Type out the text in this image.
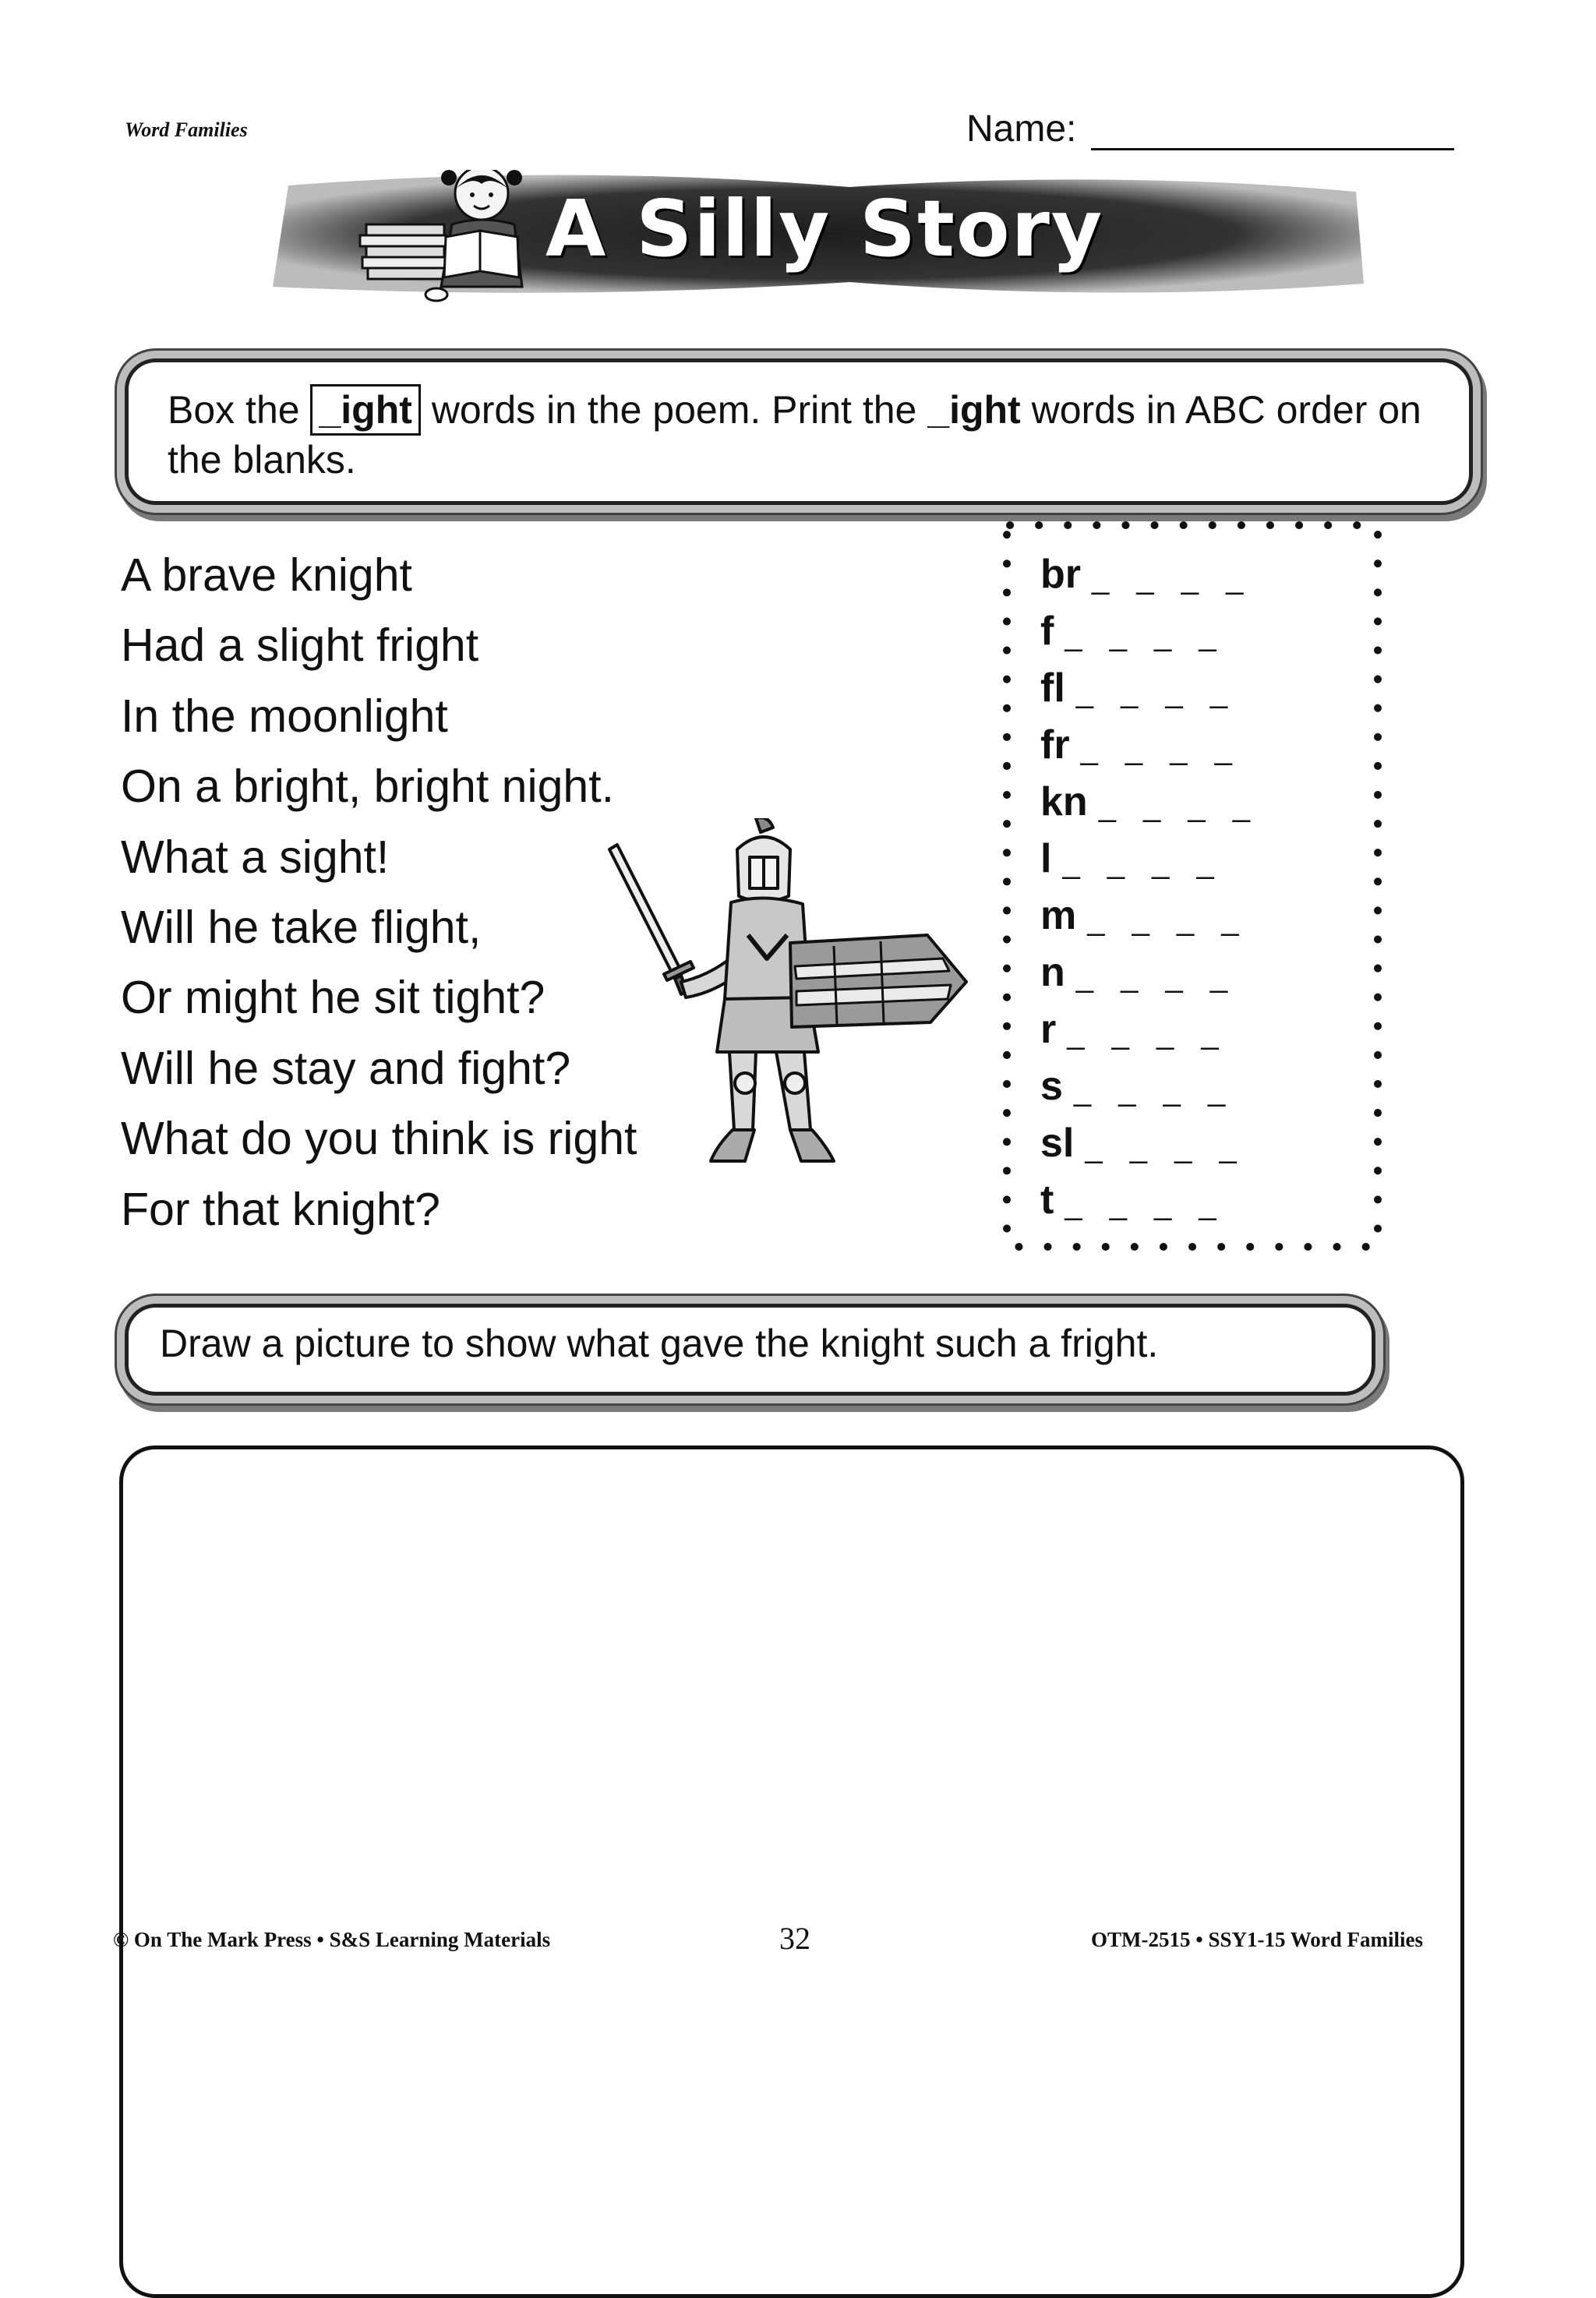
Word Families	Name:
A Silly Story
Box the _ight words in the poem. Print the _ight words in ABC order on the blanks.
A brave knight
Had a slight fright
In the moonlight
On a bright, bright night.
What a sight!
Will he take flight,
Or might he sit tight?
Will he stay and fight?
What do you think is right
For that knight?
br _ _ _ _
f _ _ _ _
fl _ _ _ _
fr _ _ _ _
kn _ _ _ _
l _ _ _ _
m _ _ _ _
n _ _ _ _
r _ _ _ _
s _ _ _ _
sl _ _ _ _
t _ _ _ _
Draw a picture to show what gave the knight such a fright.
© On The Mark Press • S&S Learning Materials	32	OTM-2515 • SSY1-15 Word Families
